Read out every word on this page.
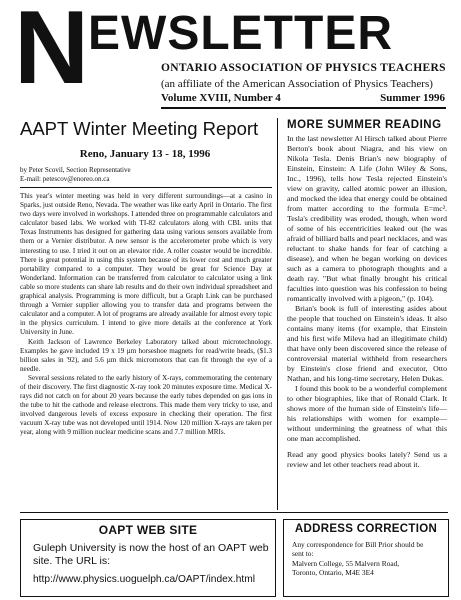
N EWSLETTER
ONTARIO ASSOCIATION OF PHYSICS TEACHERS
(an affiliate of the American Association of Physics Teachers)
Volume XVIII, Number 4	Summer 1996
AAPT Winter Meeting Report
Reno, January 13 - 18, 1996
by Peter Scovil, Section Representative
E-mail: petescov@enoreo.on.ca

This year's winter meeting was held in very different surroundings—at a casino in Sparks, just outside Reno, Nevada. The weather was like early April in Ontario. The first two days were involved in workshops. I attended three on programmable calculators and calculator based labs. We worked with TI-82 calculators along with CBL units that Texas Instruments has designed for gathering data using various sensors available from them or a Vernier distributor. A new sensor is the accelerometer probe which is very interesting to use. I tried it out on an elevator ride. A roller coaster would be incredible. There is great potential in using this system because of its lower cost and much greater portability compared to a computer. They would be great for Science Day at Wonderland. Information can be transferred from calculator to calculator using a link cable so more students can share lab results and do their own individual spreadsheet and graphical analysis. Programming is more difficult, but a Graph Link can be purchased through a Vernier supplier allowing you to transfer data and programs between the calculator and a computer. A lot of programs are already available for almost every topic in the physics curriculum. I intend to give more details at the conference at York University in June.

Keith Jackson of Lawrence Berkeley Laboratory talked about microtechnology. Examples he gave included 19 x 19 µm horseshoe magnets for read/write heads, ($1.3 billion sales in '92), and 5.6 µm thick micromotors that can fit through the eye of a needle.

Several sessions related to the early history of X-rays, commemorating the centenary of their discovery. The first diagnostic X-ray took 20 minutes exposure time. Medical X-rays did not catch on for about 20 years because the early tubes depended on gas ions in the tube to hit the cathode and release electrons. This made them very tricky to use, and involved dangerous levels of excess exposure in checking their operation. The first vacuum X-ray tube was not developed until 1914. Now 120 million X-rays are taken per year, along with 9 million nuclear medicine scans and 7.7 million MRIs.

MORE SUMMER READING

In the last newsletter Al Hirsch talked about Pierre Berton's book about Niagra, and his view on Nikola Tesla. Denis Brian's new biography of Einstein, Einstein: A Life (John Wiley & Sons, Inc., 1996), tells how Tesla rejected Einstein's view on gravity, called atomic power an illusion, and mocked the idea that energy could be obtained from matter according to the formula E=mc². Tesla's credibility was eroded, though, when word of some of his eccentricities leaked out (he was afraid of billiard balls and pearl necklaces, and was reluctant to shake hands for fear of catching a disease), and when he began working on devices such as a camera to photograph thoughts and a death ray. "But what finally brought his critical faculties into question was his confession to being romantically involved with a pigeon," (p. 104).

Brian's book is full of interesting asides about the people that touched on Einstein's ideas. It also contains many items (for example, that Einstein and his first wife Mileva had an illegitimate child) that have only been discovered since the release of controversial material withheld from researchers by Einstein's close friend and executor, Otto Nathan, and his long-time secretary, Helen Dukas.

I found this book to be a wonderful complement to other biographies, like that of Ronald Clark. It shows more of the human side of Einstein's life—his relationships with women for example—without undermining the greatness of what this one man accomplished.

Read any good physics books lately? Send us a review and let other teachers read about it.

OAPT WEB SITE
Guleph University is now the host of an OAPT web site. The URL is:
http://www.physics.uoguelph.ca/OAPT/index.html
ADDRESS CORRECTION
Any correspondence for Bill Prior should be
sent to:
Malvern College, 55 Malvern Road,
Toronto, Ontario, M4E 3E4
